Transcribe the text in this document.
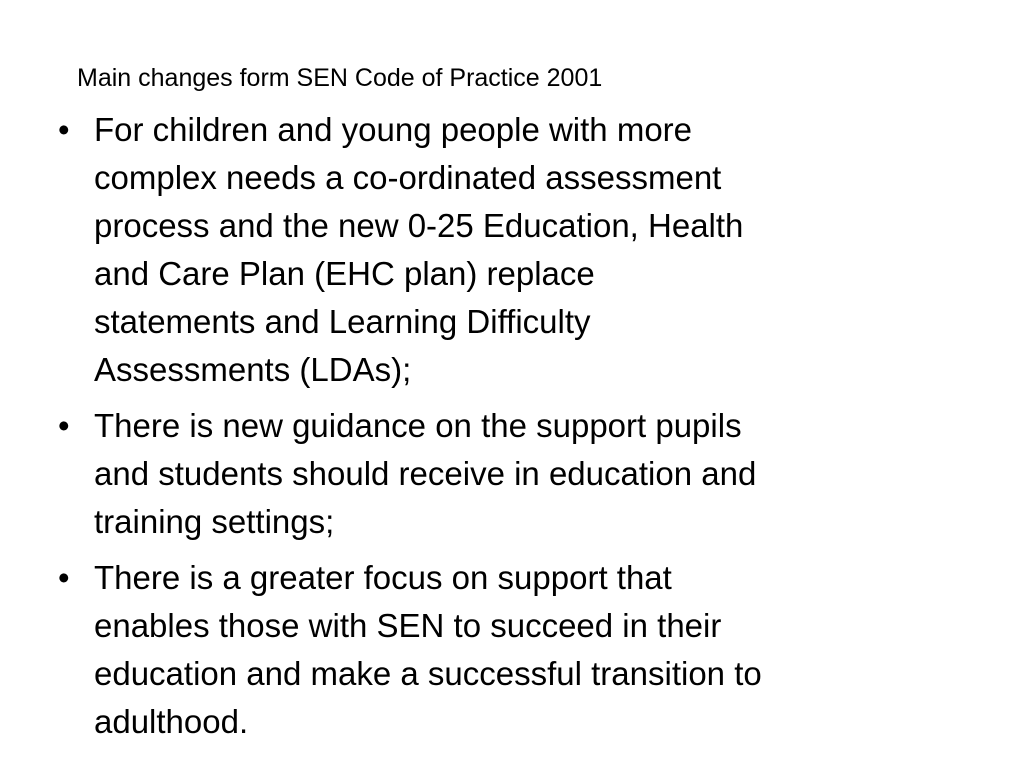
Main changes form SEN Code of Practice 2001
• For children and young people with more
complex needs a co-ordinated assessment
process and the new 0-25 Education, Health
and Care Plan (EHC plan) replace
statements and Learning Difficulty
Assessments (LDAs);
• There is new guidance on the support pupils
and students should receive in education and
training settings;
• There is a greater focus on support that
enables those with SEN to succeed in their
education and make a successful transition to
adulthood.
